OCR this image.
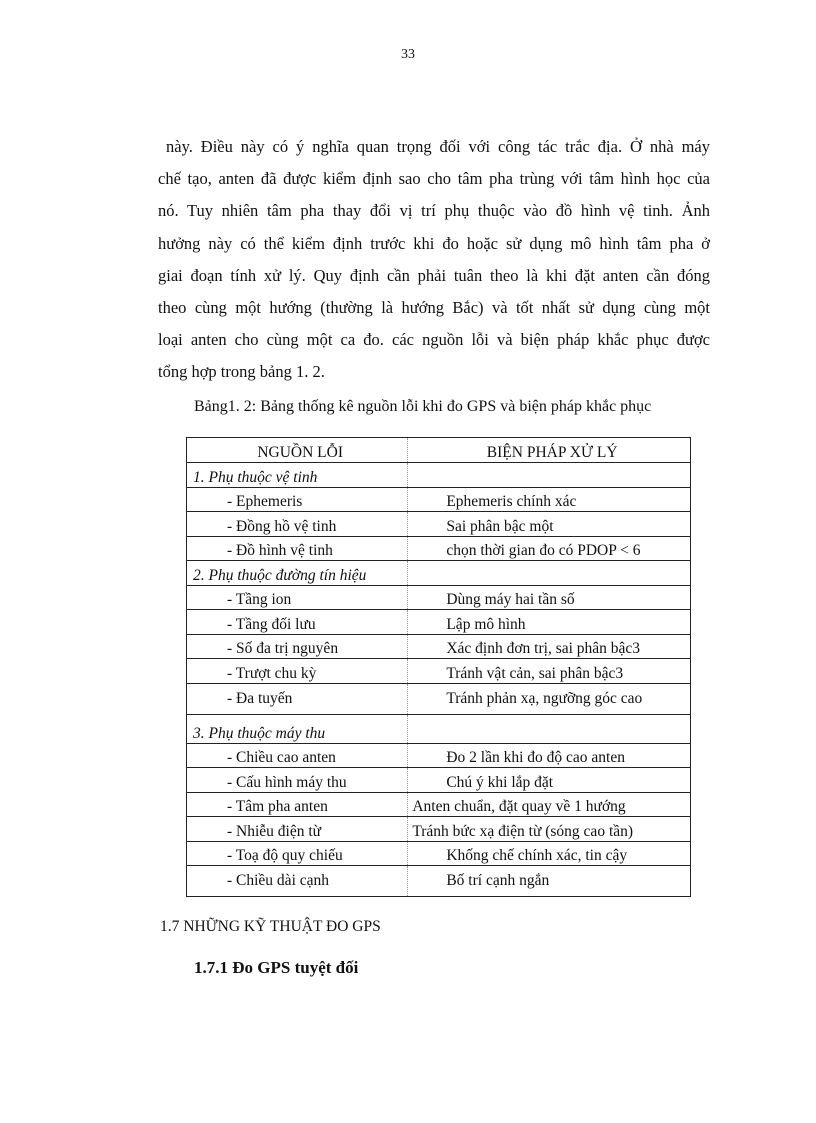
33
này. Điều này có ý nghĩa quan trọng đối với công tác trắc địa. Ở nhà máy
chế tạo, anten đã được kiểm định sao cho tâm pha trùng với tâm hình học của
nó. Tuy nhiên tâm pha thay đổi vị trí phụ thuộc vào đồ hình vệ tinh. Ảnh
hưởng này có thể kiểm định trước khi đo hoặc sử dụng mô hình tâm pha ở
giai đoạn tính xử lý. Quy định cần phải tuân theo là khi đặt anten cần đóng
theo cùng một hướng (thường là hướng Bắc) và tốt nhất sử dụng cùng một
loại anten cho cùng một ca đo. các nguồn lỗi và biện pháp khắc phục được
tổng hợp trong bảng 1. 2.
Bảng1. 2: Bảng thống kê nguồn lỗi khi đo GPS và biện pháp khắc phục
NGUỒN LỖI	BIỆN PHÁP XỬ LÝ
1. Phụ thuộc vệ tinh	
- Ephemeris	Ephemeris chính xác
- Đồng hồ vệ tinh	Sai phân bậc một
- Đồ hình vệ tinh	chọn thời gian đo có PDOP < 6
2. Phụ thuộc đường tín hiệu	
- Tầng ion	Dùng máy hai tần số
- Tầng đối lưu	Lập mô hình
- Số đa trị nguyên	Xác định đơn trị, sai phân bậc3
- Trượt chu kỳ	Tránh vật cản, sai phân bậc3
- Đa tuyến	Tránh phản xạ, ngưỡng góc cao
3. Phụ thuộc máy thu	
- Chiều cao anten	Đo 2 lần khi đo độ cao anten
- Cấu hình máy thu	Chú ý khi lắp đặt
- Tâm pha anten	Anten chuẩn, đặt quay về 1 hướng
- Nhiễu điện từ	Tránh bức xạ điện từ (sóng cao tần)
- Toạ độ quy chiếu	Khống chế chính xác, tin cậy
- Chiều dài cạnh	Bố trí cạnh ngắn
1.7 NHỮNG KỸ THUẬT ĐO GPS
1.7.1 Đo GPS tuyệt đối
